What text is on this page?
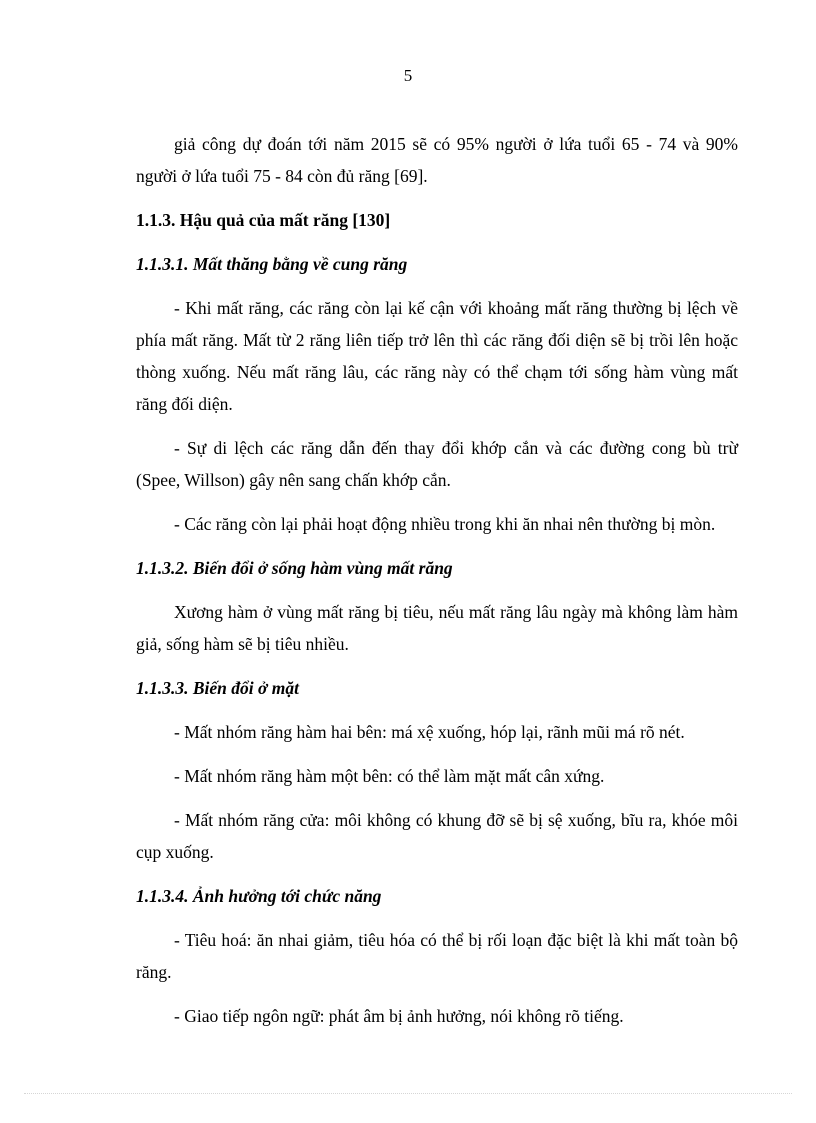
5

giả công dự đoán tới năm 2015 sẽ có 95% người ở lứa tuổi 65 - 74 và 90% người ở lứa tuổi 75 - 84 còn đủ răng [69].

1.1.3. Hậu quả của mất răng [130]

1.1.3.1. Mất thăng bằng về cung răng

- Khi mất răng, các răng còn lại kế cận với khoảng mất răng thường bị lệch về phía mất răng. Mất từ 2 răng liên tiếp trở lên thì các răng đối diện sẽ bị trồi lên hoặc thòng xuống. Nếu mất răng lâu, các răng này có thể chạm tới sống hàm vùng mất răng đối diện.

- Sự di lệch các răng dẫn đến thay đổi khớp cắn và các đường cong bù trừ (Spee, Willson) gây nên sang chấn khớp cắn.

- Các răng còn lại phải hoạt động nhiều trong khi ăn nhai nên thường bị mòn.

1.1.3.2. Biến đổi ở sống hàm vùng mất răng

Xương hàm ở vùng mất răng bị tiêu, nếu mất răng lâu ngày mà không làm hàm giả, sống hàm sẽ bị tiêu nhiều.

1.1.3.3. Biến đổi ở mặt

- Mất nhóm răng hàm hai bên: má xệ xuống, hóp lại, rãnh mũi má rõ nét.

- Mất nhóm răng hàm một bên: có thể làm mặt mất cân xứng.

- Mất nhóm răng cửa: môi không có khung đỡ sẽ bị sệ xuống, bĩu ra, khóe môi cụp xuống.

1.1.3.4. Ảnh hưởng tới chức năng

- Tiêu hoá: ăn nhai giảm, tiêu hóa có thể bị rối loạn đặc biệt là khi mất toàn bộ răng.

- Giao tiếp ngôn ngữ: phát âm bị ảnh hưởng, nói không rõ tiếng.
